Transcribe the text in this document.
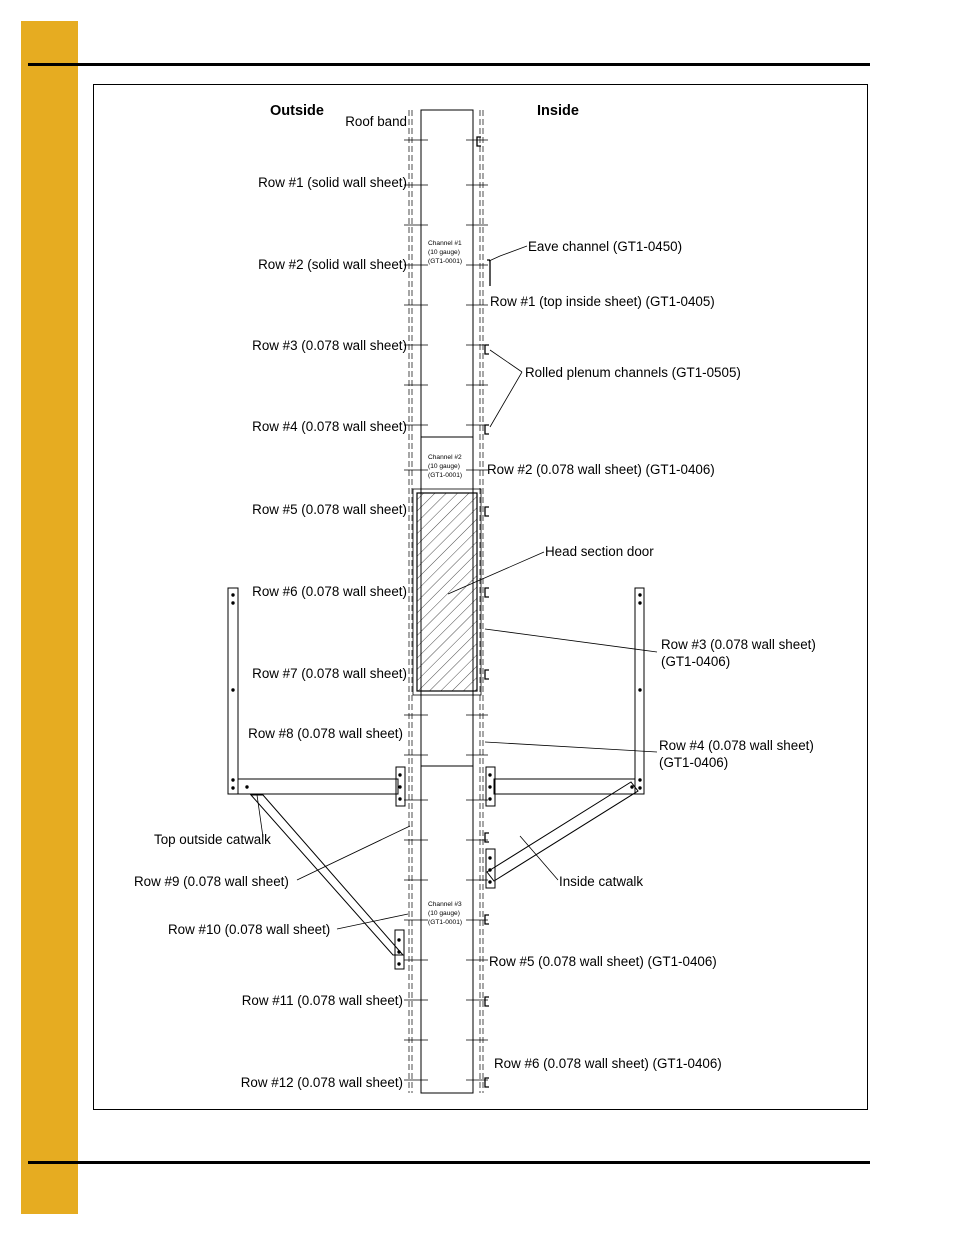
Outside	Inside
Channel #1
(10 gauge)
(GT1-0001)
Channel #2
(10 gauge)
(GT1-0001)
Channel #3
(10 gauge)
(GT1-0001)
Roof band
Row #1 (solid wall sheet)
Row #2 (solid wall sheet)
Row #3 (0.078 wall sheet)
Row #4 (0.078 wall sheet)
Row #5 (0.078 wall sheet)
Row #6 (0.078 wall sheet)
Row #7 (0.078 wall sheet)
Row #8 (0.078 wall sheet)
Top outside catwalk
Row #9 (0.078 wall sheet)
Row #10 (0.078 wall sheet)
Row #11 (0.078 wall sheet)
Row #12 (0.078 wall sheet)
Eave channel (GT1-0450)
Row #1 (top inside sheet) (GT1-0405)
Rolled plenum channels (GT1-0505)
Row #2 (0.078 wall sheet) (GT1-0406)
Head section door
Row #3 (0.078 wall sheet)
(GT1-0406)
Row #4 (0.078 wall sheet)
(GT1-0406)
Inside catwalk
Row #5 (0.078 wall sheet) (GT1-0406)
Row #6 (0.078 wall sheet) (GT1-0406)
